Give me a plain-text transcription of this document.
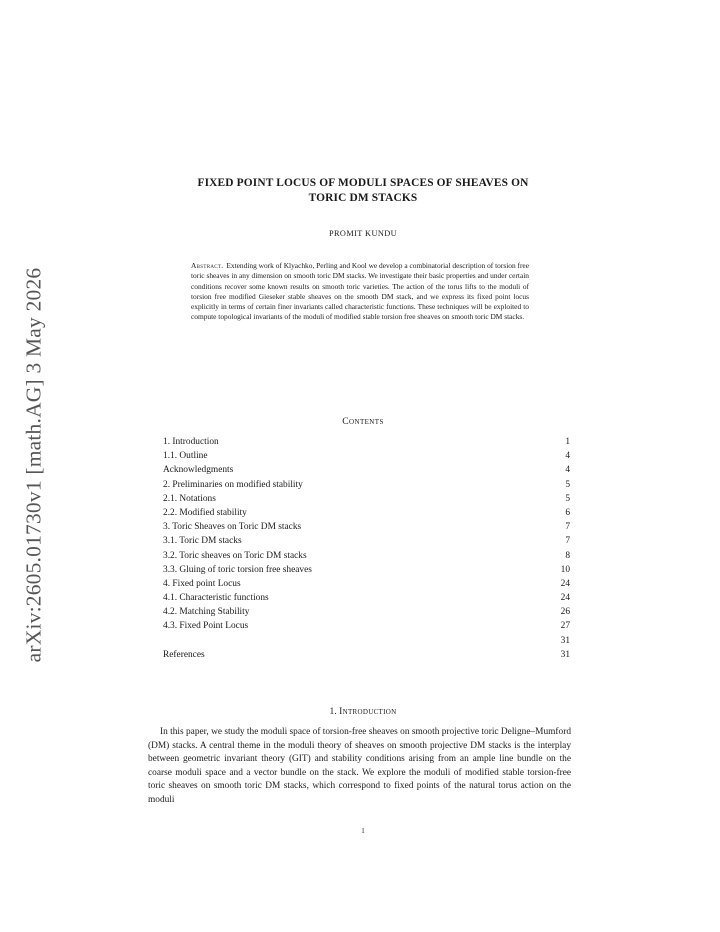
arXiv:2605.01730v1 [math.AG] 3 May 2026
FIXED POINT LOCUS OF MODULI SPACES OF SHEAVES ON
TORIC DM STACKS
PROMIT KUNDU
Abstract. Extending work of Klyachko, Perling and Kool we develop a combinatorial description of torsion free toric sheaves in any dimension on smooth toric DM stacks. We investigate their basic properties and under certain conditions recover some known results on smooth toric varieties. The action of the torus lifts to the moduli of torsion free modified Gieseker stable sheaves on the smooth DM stack, and we express its fixed point locus explicitly in terms of certain finer invariants called characteristic functions. These techniques will be exploited to compute topological invariants of the moduli of modified stable torsion free sheaves on smooth toric DM stacks.
Contents
1. Introduction	1
1.1. Outline	4
Acknowledgments	4
2. Preliminaries on modified stability	5
2.1. Notations	5
2.2. Modified stability	6
3. Toric Sheaves on Toric DM stacks	7
3.1. Toric DM stacks	7
3.2. Toric sheaves on Toric DM stacks	8
3.3. Gluing of toric torsion free sheaves	10
4. Fixed point Locus	24
4.1. Characteristic functions	24
4.2. Matching Stability	26
4.3. Fixed Point Locus	27
31
References	31
1. Introduction

In this paper, we study the moduli space of torsion-free sheaves on smooth projective toric Deligne–Mumford (DM) stacks. A central theme in the moduli theory of sheaves on smooth projective DM stacks is the interplay between geometric invariant theory (GIT) and stability conditions arising from an ample line bundle on the coarse moduli space and a vector bundle on the stack. We explore the moduli of modified stable torsion-free toric sheaves on smooth toric DM stacks, which correspond to fixed points of the natural torus action on the moduli

1
